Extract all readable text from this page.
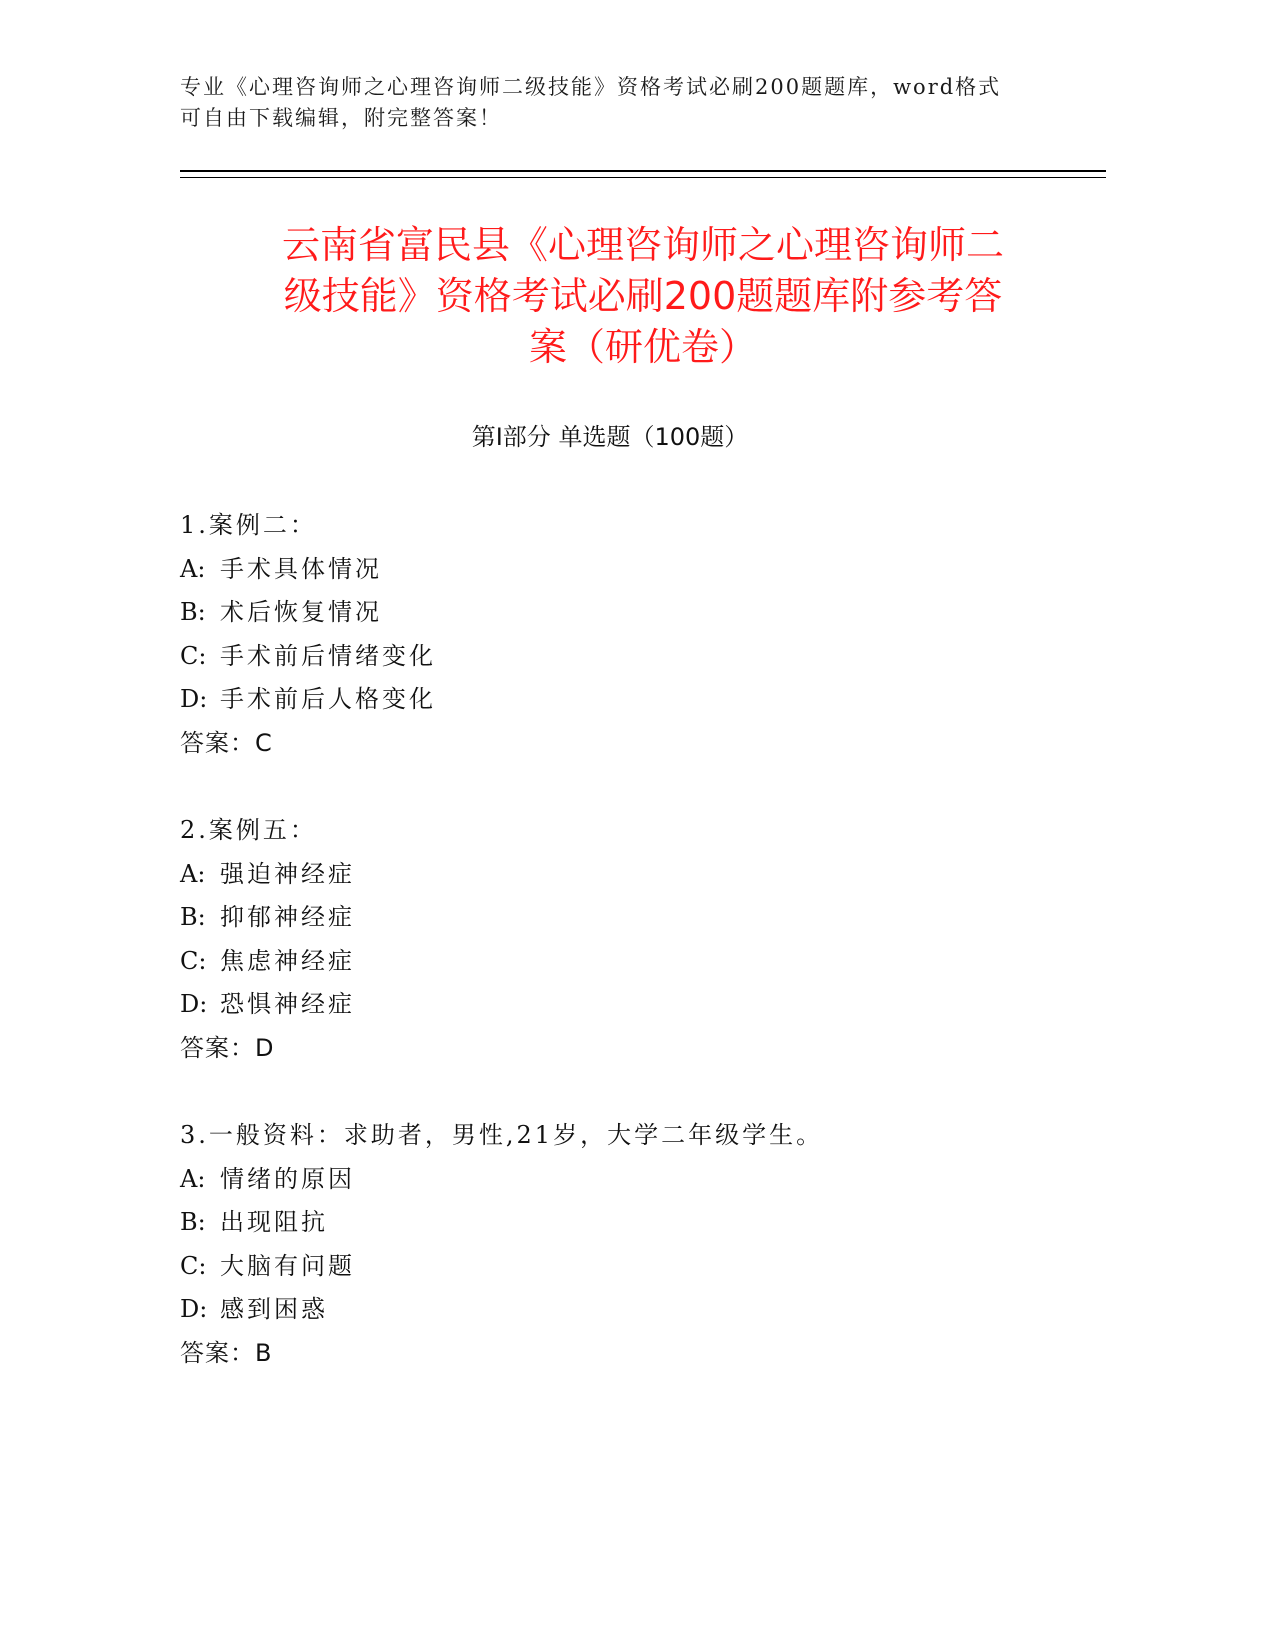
专业《心理咨询师之心理咨询师二级技能》资格考试必刷200题题库，word格式
可自由下载编辑，附完整答案！
云南省富民县《心理咨询师之心理咨询师二
级技能》资格考试必刷200题题库附参考答
案（研优卷）
第Ⅰ部分 单选题（100题）
1.案例二：
A: 手术具体情况
B: 术后恢复情况
C: 手术前后情绪变化
D: 手术前后人格变化
答案：C
2.案例五：
A: 强迫神经症
B: 抑郁神经症
C: 焦虑神经症
D: 恐惧神经症
答案：D
3.一般资料：求助者，男性,21岁，大学二年级学生。
A: 情绪的原因
B: 出现阻抗
C: 大脑有问题
D: 感到困惑
答案：B
